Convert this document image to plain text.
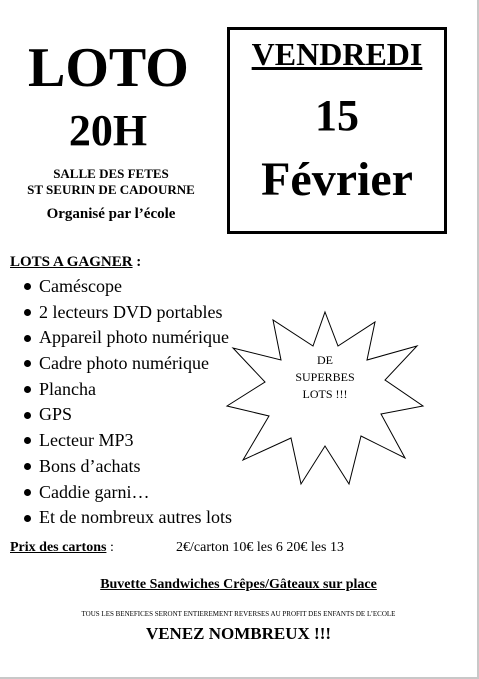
LOTO
20H
SALLE DES FETES
ST SEURIN DE CADOURNE
Organisé par l’école
VENDREDI
15
Février
LOTS A GAGNER :
Caméscope
2 lecteurs DVD portables
Appareil photo numérique
Cadre photo numérique
Plancha
GPS
Lecteur MP3
Bons d’achats
Caddie garni…
Et de nombreux autres lots
DE
SUPERBES
LOTS !!!
Prix des cartons :	2€/carton 10€ les 6 20€ les 13
Buvette Sandwiches Crêpes/Gâteaux sur place
TOUS LES BENEFICES SERONT ENTIEREMENT REVERSES AU PROFIT DES ENFANTS DE L’ECOLE
VENEZ NOMBREUX !!!
